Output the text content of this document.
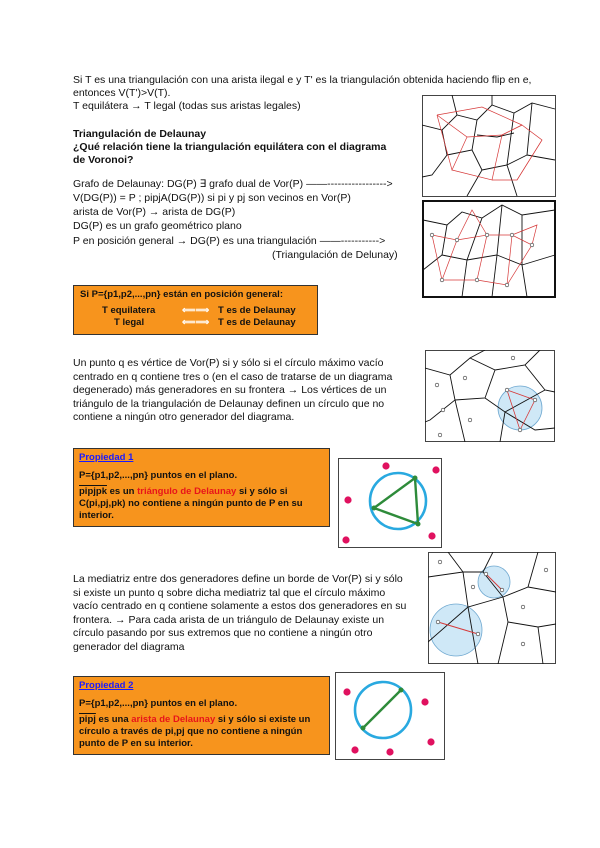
Si T es una triangulación con una arista ilegal e y T' es la triangulación obtenida haciendo flip en e,
entonces V(T')>V(T).
T equilátera → T legal (todas sus aristas legales)
Triangulación de Delaunay
¿Qué relación tiene la triangulación equilátera con el diagrama
de Voronoi?
Grafo de Delaunay: DG(P) ∃ grafo dual de Vor(P) ——----------------->
V(DG(P)) = P ; pipjA(DG(P)) si pi y pj son vecinos en Vor(P)
arista de Vor(P) → arista de DG(P)
DG(P) es un grafo geométrico plano
P en posición general → DG(P) es una triangulación ——----------->
(Triangulación de Delunay)
Si P={p1,p2,...,pn} están en posición general:
T equilatera	⟸⟹ T es de Delaunay
T legal	⟸⟹ T es de Delaunay
Un punto q es vértice de Vor(P) si y sólo si el círculo máximo vacío centrado en q contiene tres o (en el caso de tratarse de un diagrama degenerado) más generadores en su frontera → Los vértices de un triángulo de la triangulación de Delaunay definen un círculo que no contiene a ningún otro generador del diagrama.
Propiedad 1
P={p1,p2,...,pn} puntos en el plano.
pipjpk es un triángulo de Delaunay si y sólo si
C(pi,pj,pk) no contiene a ningún punto de P en su interior.
La mediatriz entre dos generadores define un borde de Vor(P) si y sólo si existe un punto q sobre dicha mediatriz tal que el círculo máximo vacío centrado en q contiene solamente a estos dos generadores en su frontera. → Para cada arista de un triángulo de Delaunay existe un círculo pasando por sus extremos que no contiene a ningún otro generador del diagrama
Propiedad 2
P={p1,p2,...,pn} puntos en el plano.
pipj es una arista de Delaunay si y sólo si existe un
círculo a través de pi,pj que no contiene a ningún punto de P en su interior.
